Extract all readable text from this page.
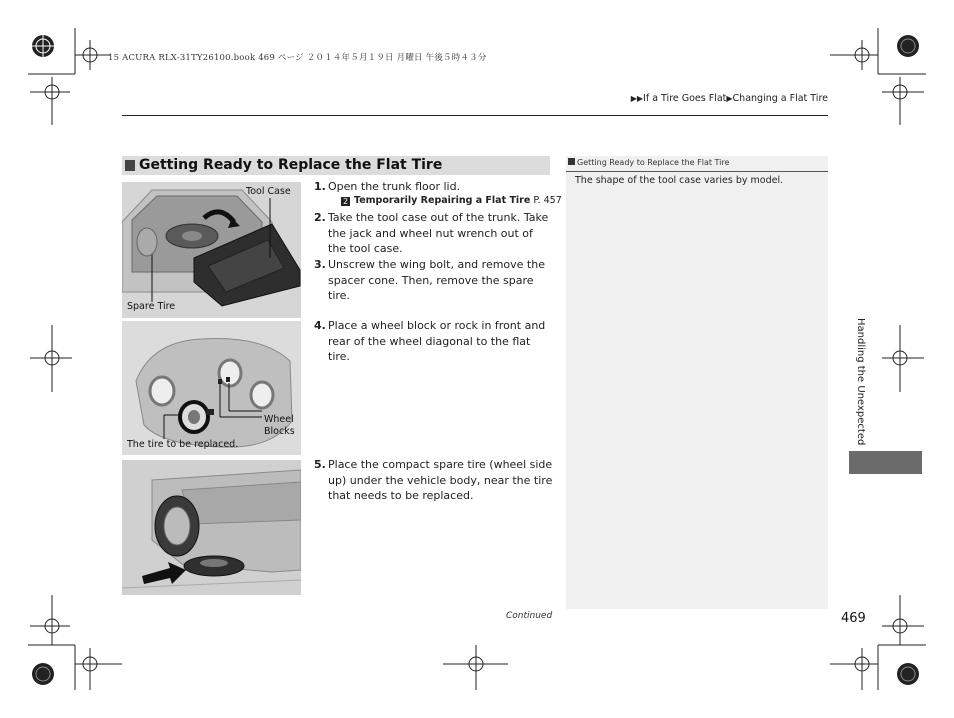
15 ACURA RLX-31TY26100.book 469 ページ ２０１４年５月１９日 月曜日 午後５時４３分
▶▶If a Tire Goes Flat▶Changing a Flat Tire
Getting Ready to Replace the Flat Tire
Tool Case
Spare Tire
Wheel
Blocks
The tire to be replaced.
1. Open the trunk floor lid.
2 Temporarily Repairing a Flat Tire P. 457
2. Take the tool case out of the trunk. Take the jack and wheel nut wrench out of the tool case.
3. Unscrew the wing bolt, and remove the spacer cone. Then, remove the spare tire.
4. Place a wheel block or rock in front and rear of the wheel diagonal to the flat tire.
5. Place the compact spare tire (wheel side up) under the vehicle body, near the tire that needs to be replaced.
Getting Ready to Replace the Flat Tire
The shape of the tool case varies by model.
Continued	469
Handling the Unexpected
